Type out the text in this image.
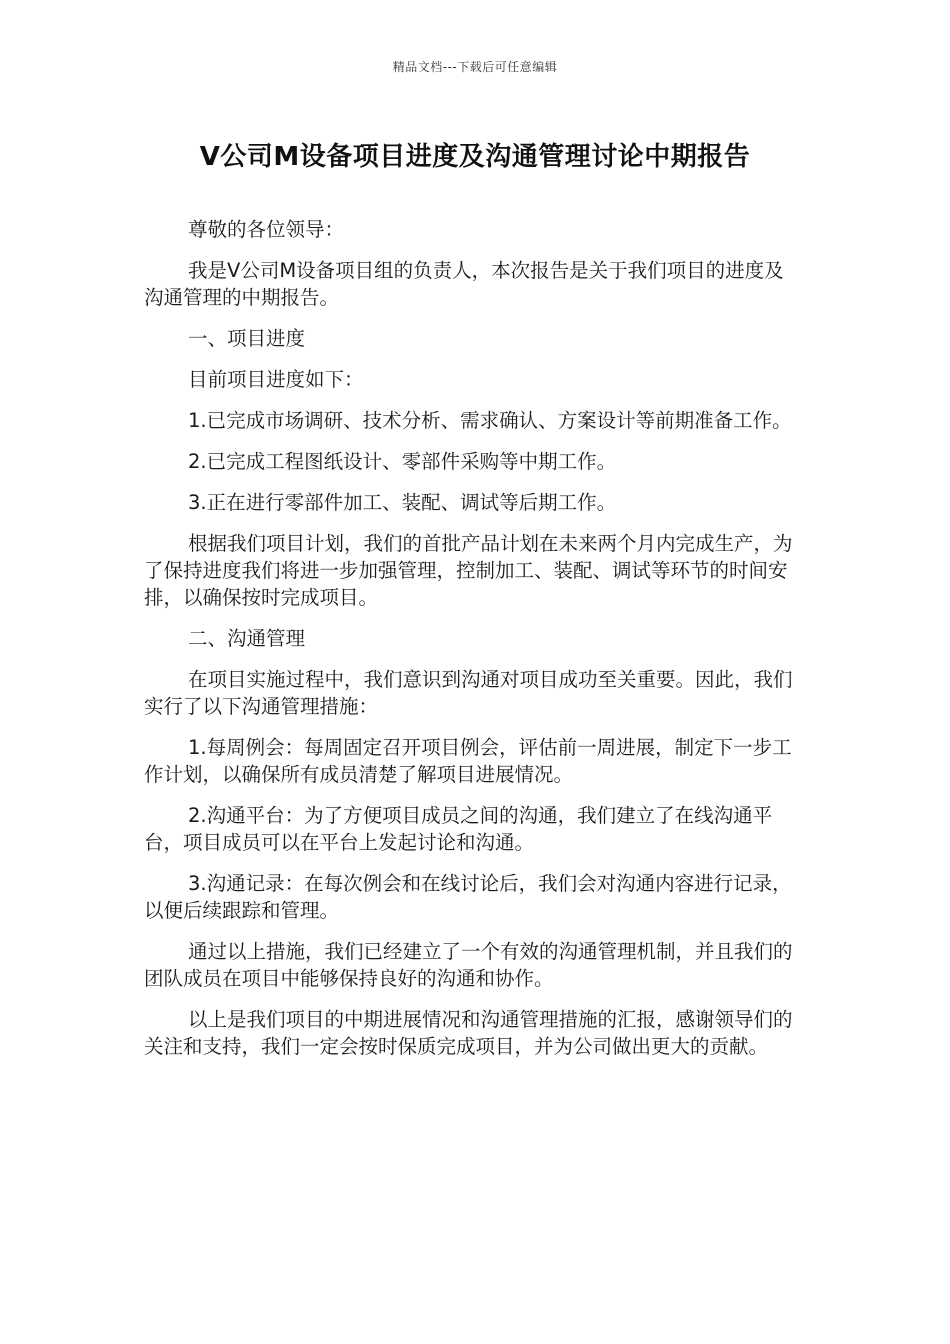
精品文档---下载后可任意编辑
V公司M设备项目进度及沟通管理讨论中期报告

尊敬的各位领导：

我是V公司M设备项目组的负责人，本次报告是关于我们项目的进度及沟通管理的中期报告。

一、项目进度

目前项目进度如下：

1.已完成市场调研、技术分析、需求确认、方案设计等前期准备工作。

2.已完成工程图纸设计、零部件采购等中期工作。

3.正在进行零部件加工、装配、调试等后期工作。

根据我们项目计划，我们的首批产品计划在未来两个月内完成生产，为了保持进度我们将进一步加强管理，控制加工、装配、调试等环节的时间安排，以确保按时完成项目。

二、沟通管理

在项目实施过程中，我们意识到沟通对项目成功至关重要。因此，我们实行了以下沟通管理措施：

1.每周例会：每周固定召开项目例会，评估前一周进展，制定下一步工作计划，以确保所有成员清楚了解项目进展情况。

2.沟通平台：为了方便项目成员之间的沟通，我们建立了在线沟通平台，项目成员可以在平台上发起讨论和沟通。

3.沟通记录：在每次例会和在线讨论后，我们会对沟通内容进行记录，以便后续跟踪和管理。

通过以上措施，我们已经建立了一个有效的沟通管理机制，并且我们的团队成员在项目中能够保持良好的沟通和协作。

以上是我们项目的中期进展情况和沟通管理措施的汇报，感谢领导们的关注和支持，我们一定会按时保质完成项目，并为公司做出更大的贡献。
